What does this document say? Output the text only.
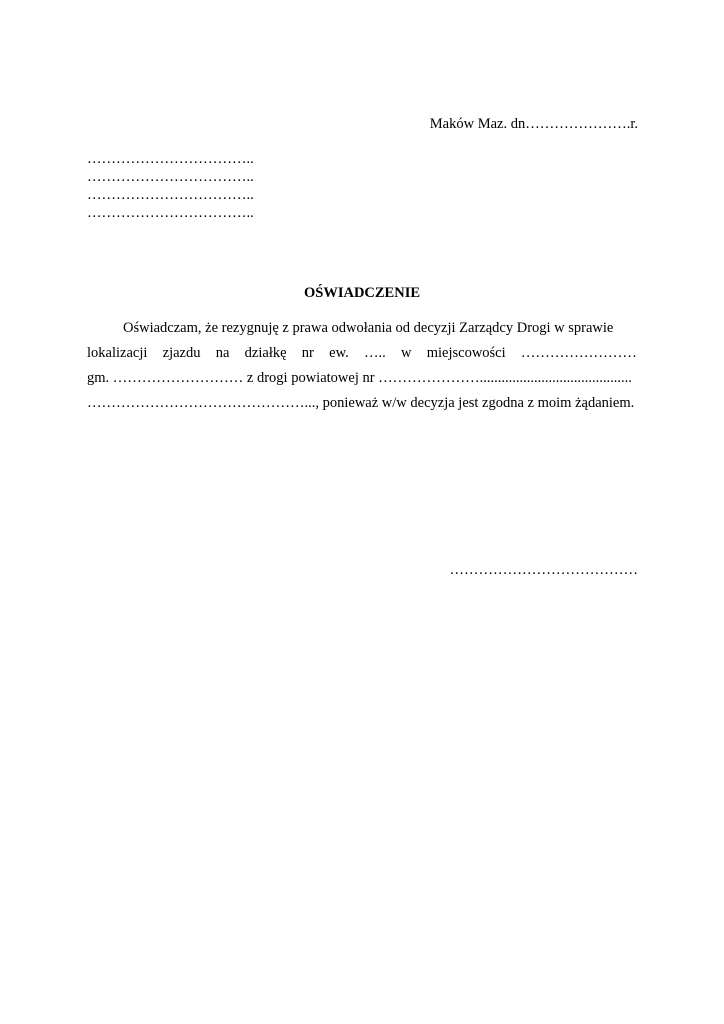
Maków Maz. dn………………….r.
……………………………..
……………………………..
……………………………..
……………………………..
OŚWIADCZENIE
Oświadczam, że rezygnuję z prawa odwołania od decyzji Zarządcy Drogi w sprawie
lokalizacji zjazdu na działkę nr ew. ….. w miejscowości ……………………
gm. ……………………… z drogi powiatowej nr …………………..........................................
………………………………………..., ponieważ w/w decyzja jest zgodna z moim żądaniem.
…………………………………
